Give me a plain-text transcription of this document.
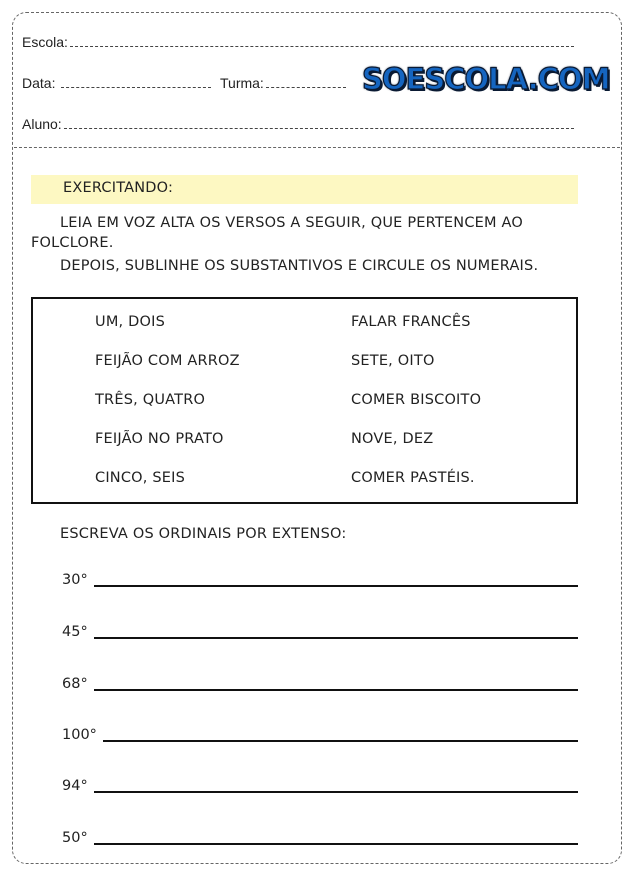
Escola:
Data:	Turma:	SOESCOLA.COM
Aluno:
EXERCITANDO:
LEIA EM VOZ ALTA OS VERSOS A SEGUIR, QUE PERTENCEM AO
FOLCLORE.
DEPOIS, SUBLINHE OS SUBSTANTIVOS E CIRCULE OS NUMERAIS.
UM, DOIS
FEIJÃO COM ARROZ
TRÊS, QUATRO
FEIJÃO NO PRATO
CINCO, SEIS
FALAR FRANCÊS
SETE, OITO
COMER BISCOITO
NOVE, DEZ
COMER PASTÉIS.
ESCREVA OS ORDINAIS POR EXTENSO:
30°
45°
68°
100°
94°
50°
